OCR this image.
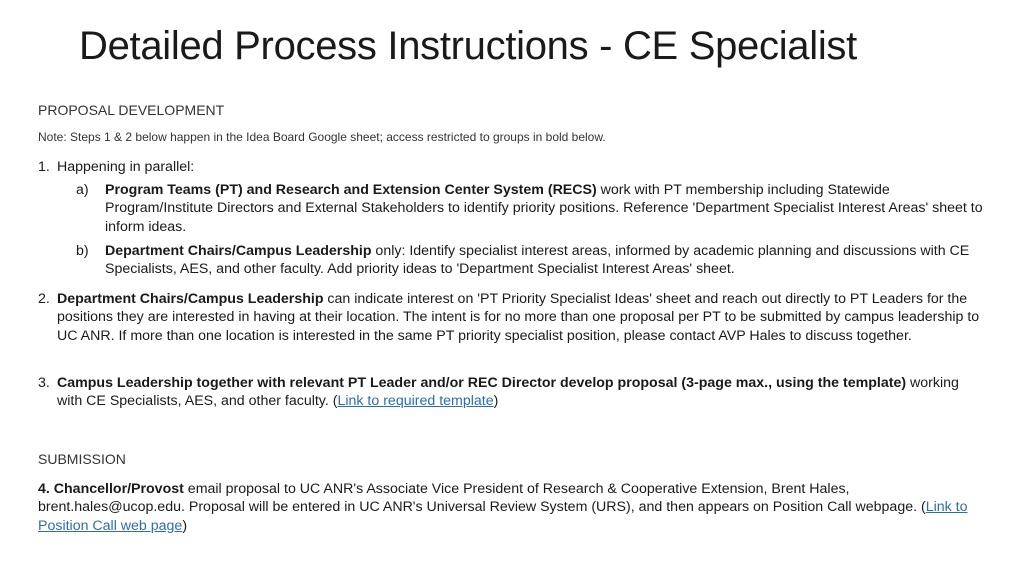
Detailed Process Instructions - CE Specialist
PROPOSAL DEVELOPMENT
Note: Steps 1 & 2 below happen in the Idea Board Google sheet; access restricted to groups in bold below.
1. Happening in parallel:
a) Program Teams (PT) and Research and Extension Center System (RECS) work with PT membership including Statewide Program/Institute Directors and External Stakeholders to identify priority positions. Reference 'Department Specialist Interest Areas' sheet to inform ideas.
b) Department Chairs/Campus Leadership only: Identify specialist interest areas, informed by academic planning and discussions with CE Specialists, AES, and other faculty. Add priority ideas to 'Department Specialist Interest Areas' sheet.
2. Department Chairs/Campus Leadership can indicate interest on 'PT Priority Specialist Ideas' sheet and reach out directly to PT Leaders for the positions they are interested in having at their location. The intent is for no more than one proposal per PT to be submitted by campus leadership to UC ANR. If more than one location is interested in the same PT priority specialist position, please contact AVP Hales to discuss together.
3. Campus Leadership together with relevant PT Leader and/or REC Director develop proposal (3-page max., using the template) working with CE Specialists, AES, and other faculty. (Link to required template)
SUBMISSION
4. Chancellor/Provost email proposal to UC ANR's Associate Vice President of Research & Cooperative Extension, Brent Hales, brent.hales@ucop.edu. Proposal will be entered in UC ANR's Universal Review System (URS), and then appears on Position Call webpage. (Link to Position Call web page)
